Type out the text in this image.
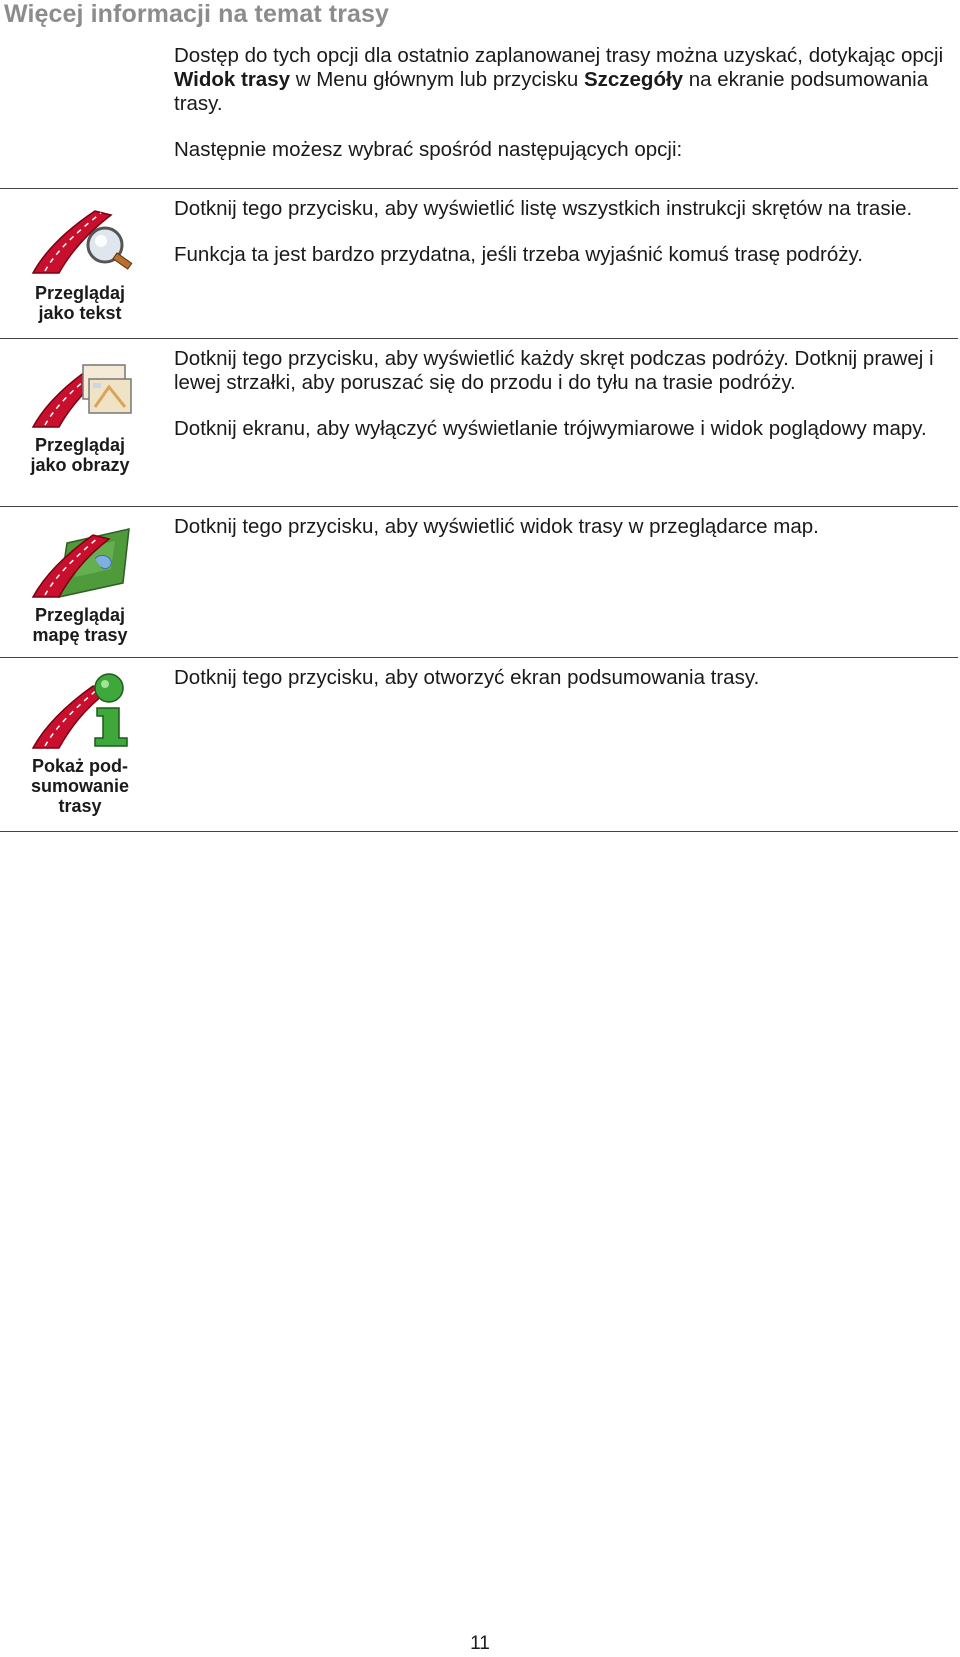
Więcej informacji na temat trasy

Dostęp do tych opcji dla ostatnio zaplanowanej trasy można uzyskać, dotykając opcji Widok trasy w Menu głównym lub przycisku Szczegóły na ekranie podsumowania trasy.

Następnie możesz wybrać spośród następujących opcji:

Przeglądaj
jako tekst

Dotknij tego przycisku, aby wyświetlić listę wszystkich instrukcji skrętów na trasie.

Funkcja ta jest bardzo przydatna, jeśli trzeba wyjaśnić komuś trasę podróży.

Przeglądaj
jako obrazy

Dotknij tego przycisku, aby wyświetlić każdy skręt podczas podróży. Dotknij prawej i lewej strzałki, aby poruszać się do przodu i do tyłu na trasie podróży.

Dotknij ekranu, aby wyłączyć wyświetlanie trójwymiarowe i widok poglądowy mapy.

Przeglądaj
mapę trasy

Dotknij tego przycisku, aby wyświetlić widok trasy w przeglądarce map.

Pokaż pod-
sumowanie
trasy

Dotknij tego przycisku, aby otworzyć ekran podsumowania trasy.

11
